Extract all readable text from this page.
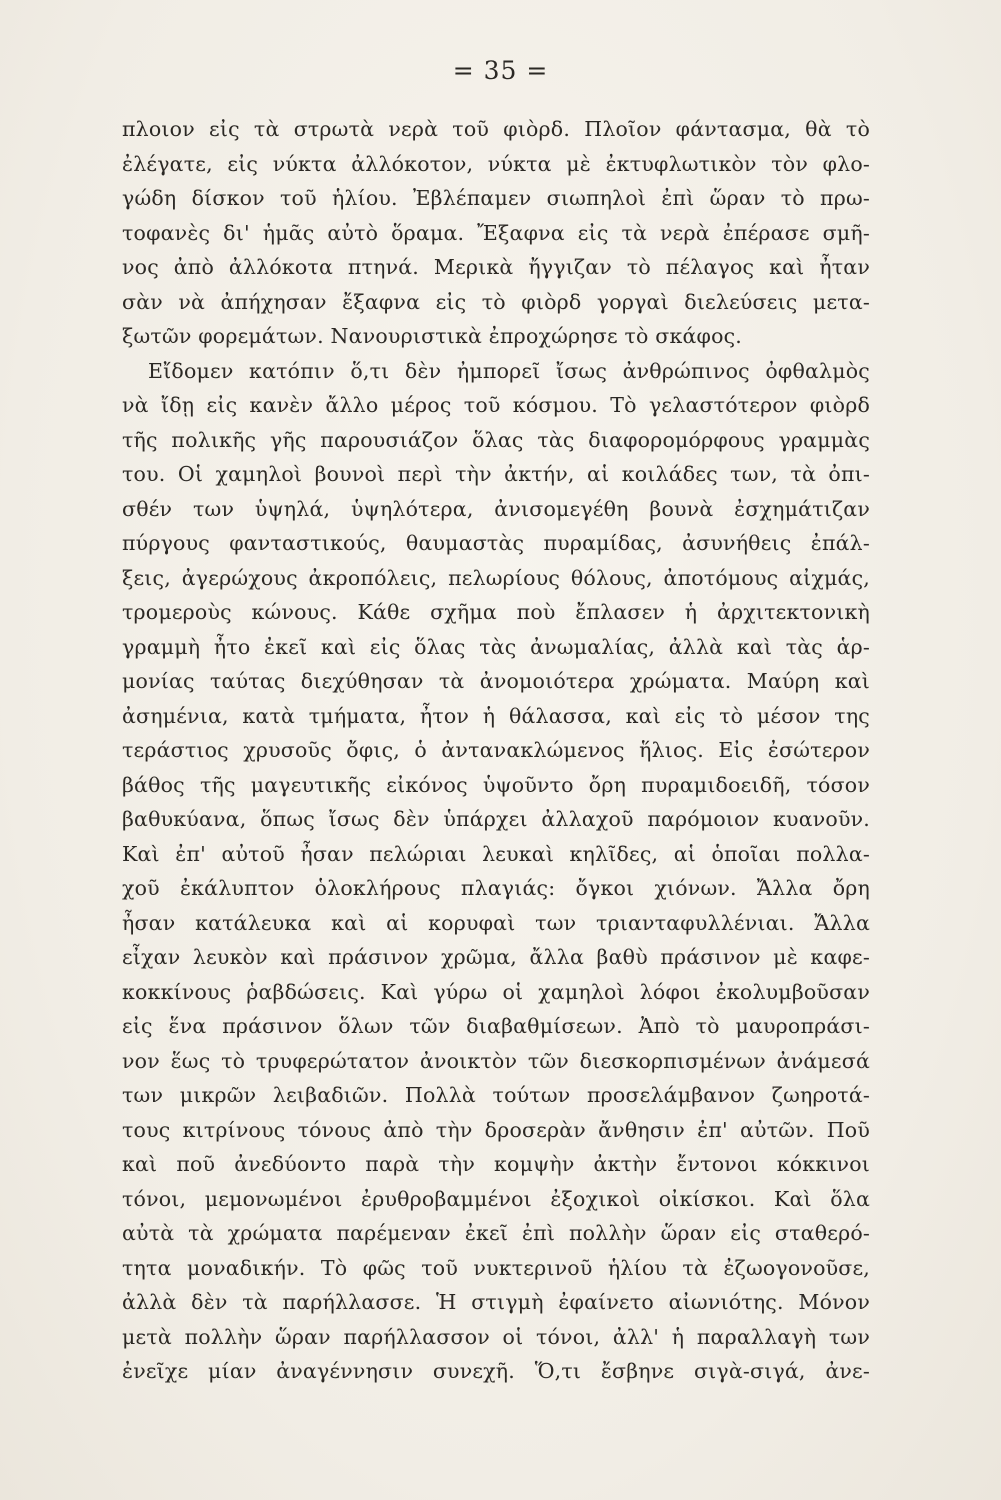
= 35 =
πλοιον εἰς τὰ στρωτὰ νερὰ τοῦ φιὸρδ. Πλοῖον φάντασμα, θὰ τὸ
ἐλέγατε, εἰς νύκτα ἀλλόκοτον, νύκτα μὲ ἐκτυφλωτικὸν τὸν φλο-
γώδη δίσκον τοῦ ἡλίου. Ἐβλέπαμεν σιωπηλοὶ ἐπὶ ὥραν τὸ πρω-
τοφανὲς δι' ἡμᾶς αὐτὸ ὅραμα. Ἔξαφνα εἰς τὰ νερὰ ἐπέρασε σμῆ-
νος ἀπὸ ἀλλόκοτα πτηνά. Μερικὰ ἤγγιζαν τὸ πέλαγος καὶ ἦταν
σὰν νὰ ἀπήχησαν ἔξαφνα εἰς τὸ φιὸρδ γοργαὶ διελεύσεις μετα-
ξωτῶν φορεμάτων. Νανουριστικὰ ἐπροχώρησε τὸ σκάφος.
Εἴδομεν κατόπιν ὅ,τι δὲν ἠμπορεῖ ἴσως ἀνθρώπινος ὀφθαλμὸς
νὰ ἴδῃ εἰς κανὲν ἄλλο μέρος τοῦ κόσμου. Τὸ γελαστότερον φιὸρδ
τῆς πολικῆς γῆς παρουσιάζον ὅλας τὰς διαφορομόρφους γραμμὰς
του. Οἱ χαμηλοὶ βουνοὶ περὶ τὴν ἀκτήν, αἱ κοιλάδες των, τὰ ὀπι-
σθέν των ὑψηλά, ὑψηλότερα, ἀνισομεγέθη βουνὰ ἐσχημάτιζαν
πύργους φανταστικούς, θαυμαστὰς πυραμίδας, ἀσυνήθεις ἐπάλ-
ξεις, ἀγερώχους ἀκροπόλεις, πελωρίους θόλους, ἀποτόμους αἰχμάς,
τρομεροὺς κώνους. Κάθε σχῆμα ποὺ ἔπλασεν ἡ ἀρχιτεκτονικὴ
γραμμὴ ἦτο ἐκεῖ καὶ εἰς ὅλας τὰς ἀνωμαλίας, ἀλλὰ καὶ τὰς ἁρ-
μονίας ταύτας διεχύθησαν τὰ ἀνομοιότερα χρώματα. Μαύρη καὶ
ἀσημένια, κατὰ τμήματα, ἦτον ἡ θάλασσα, καὶ εἰς τὸ μέσον της
τεράστιος χρυσοῦς ὄφις, ὁ ἀντανακλώμενος ἥλιος. Εἰς ἐσώτερον
βάθος τῆς μαγευτικῆς εἰκόνος ὑψοῦντο ὄρη πυραμιδοειδῆ, τόσον
βαθυκύανα, ὅπως ἴσως δὲν ὑπάρχει ἀλλαχοῦ παρόμοιον κυανοῦν.
Καὶ ἐπ' αὐτοῦ ἦσαν πελώριαι λευκαὶ κηλῖδες, αἱ ὁποῖαι πολλα-
χοῦ ἐκάλυπτον ὁλοκλήρους πλαγιάς: ὄγκοι χιόνων. Ἄλλα ὄρη
ἦσαν κατάλευκα καὶ αἱ κορυφαὶ των τριανταφυλλένιαι. Ἄλλα
εἶχαν λευκὸν καὶ πράσινον χρῶμα, ἄλλα βαθὺ πράσινον μὲ καφε-
κοκκίνους ῥαβδώσεις. Καὶ γύρω οἱ χαμηλοὶ λόφοι ἐκολυμβοῦσαν
εἰς ἕνα πράσινον ὅλων τῶν διαβαθμίσεων. Ἀπὸ τὸ μαυροπράσι-
νον ἕως τὸ τρυφερώτατον ἀνοικτὸν τῶν διεσκορπισμένων ἀνάμεσά
των μικρῶν λειβαδιῶν. Πολλὰ τούτων προσελάμβανον ζωηροτά-
τους κιτρίνους τόνους ἀπὸ τὴν δροσερὰν ἄνθησιν ἐπ' αὐτῶν. Ποῦ
καὶ ποῦ ἀνεδύοντο παρὰ τὴν κομψὴν ἀκτὴν ἔντονοι κόκκινοι
τόνοι, μεμονωμένοι ἐρυθροβαμμένοι ἐξοχικοὶ οἰκίσκοι. Καὶ ὅλα
αὐτὰ τὰ χρώματα παρέμεναν ἐκεῖ ἐπὶ πολλὴν ὥραν εἰς σταθερό-
τητα μοναδικήν. Τὸ φῶς τοῦ νυκτερινοῦ ἡλίου τὰ ἐζωογονοῦσε,
ἀλλὰ δὲν τὰ παρήλλασσε. Ἡ στιγμὴ ἐφαίνετο αἰωνιότης. Μόνον
μετὰ πολλὴν ὥραν παρήλλασσον οἱ τόνοι, ἀλλ' ἡ παραλλαγὴ των
ἐνεῖχε μίαν ἀναγέννησιν συνεχῆ. Ὅ,τι ἔσβηνε σιγὰ-σιγά, ἀνε-
